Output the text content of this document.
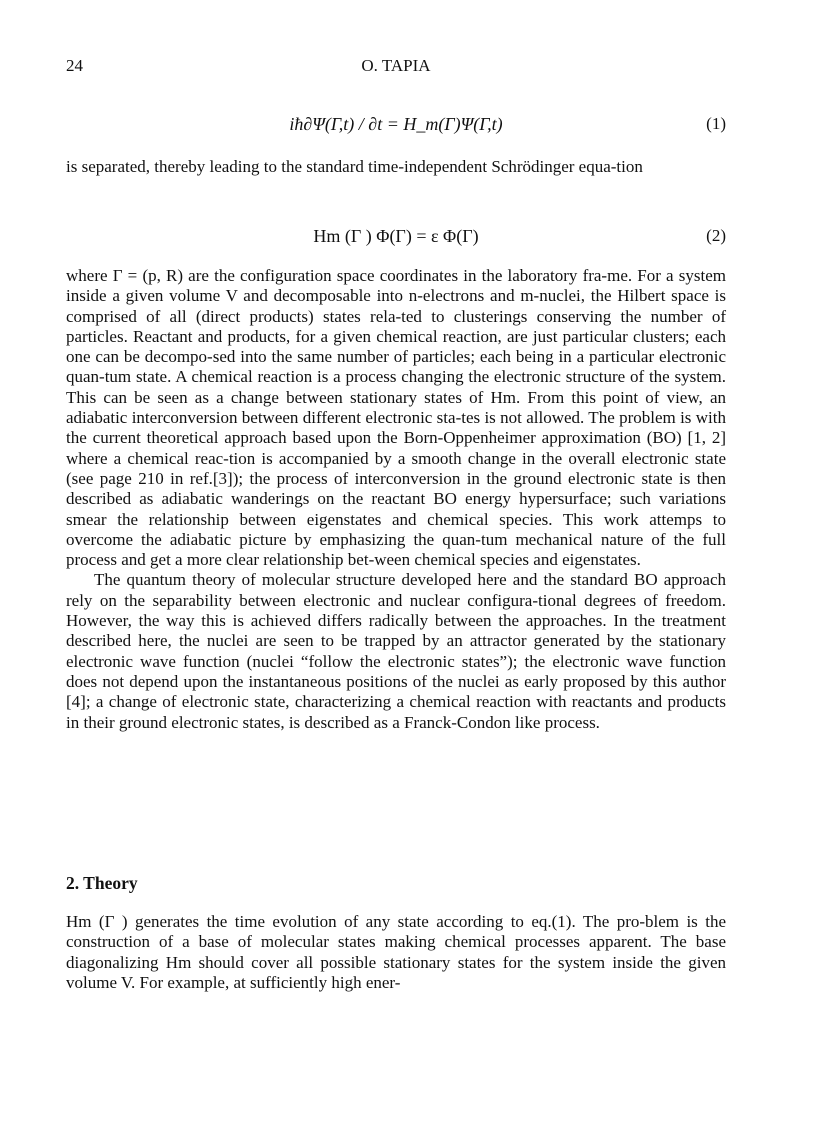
24	O. TAPIA
iħ∂Ψ(Γ,t) / ∂t = H_m(Γ)Ψ(Γ,t)	(1)

is separated, thereby leading to the standard time-independent Schrödinger equa-tion

Hm (Γ ) Φ(Γ) = ε Φ(Γ)	(2)

where Γ = (p, R) are the configuration space coordinates in the laboratory fra-me. For a system inside a given volume V and decomposable into n-electrons and m-nuclei, the Hilbert space is comprised of all (direct products) states rela-ted to clusterings conserving the number of particles. Reactant and products, for a given chemical reaction, are just particular clusters; each one can be decompo-sed into the same number of particles; each being in a particular electronic quan-tum state. A chemical reaction is a process changing the electronic structure of the system. This can be seen as a change between stationary states of Hm. From this point of view, an adiabatic interconversion between different electronic sta-tes is not allowed. The problem is with the current theoretical approach based upon the Born-Oppenheimer approximation (BO) [1, 2] where a chemical reac-tion is accompanied by a smooth change in the overall electronic state (see page 210 in ref.[3]); the process of interconversion in the ground electronic state is then described as adiabatic wanderings on the reactant BO energy hypersurface; such variations smear the relationship between eigenstates and chemical species. This work attemps to overcome the adiabatic picture by emphasizing the quan-tum mechanical nature of the full process and get a more clear relationship bet-ween chemical species and eigenstates.

The quantum theory of molecular structure developed here and the standard BO approach rely on the separability between electronic and nuclear configura-tional degrees of freedom. However, the way this is achieved differs radically between the approaches. In the treatment described here, the nuclei are seen to be trapped by an attractor generated by the stationary electronic wave function (nuclei “follow the electronic states”); the electronic wave function does not depend upon the instantaneous positions of the nuclei as early proposed by this author [4]; a change of electronic state, characterizing a chemical reaction with reactants and products in their ground electronic states, is described as a Franck-Condon like process.

2. Theory

Hm (Γ ) generates the time evolution of any state according to eq.(1). The pro-blem is the construction of a base of molecular states making chemical processes apparent. The base diagonalizing Hm should cover all possible stationary states for the system inside the given volume V. For example, at sufficiently high ener-
